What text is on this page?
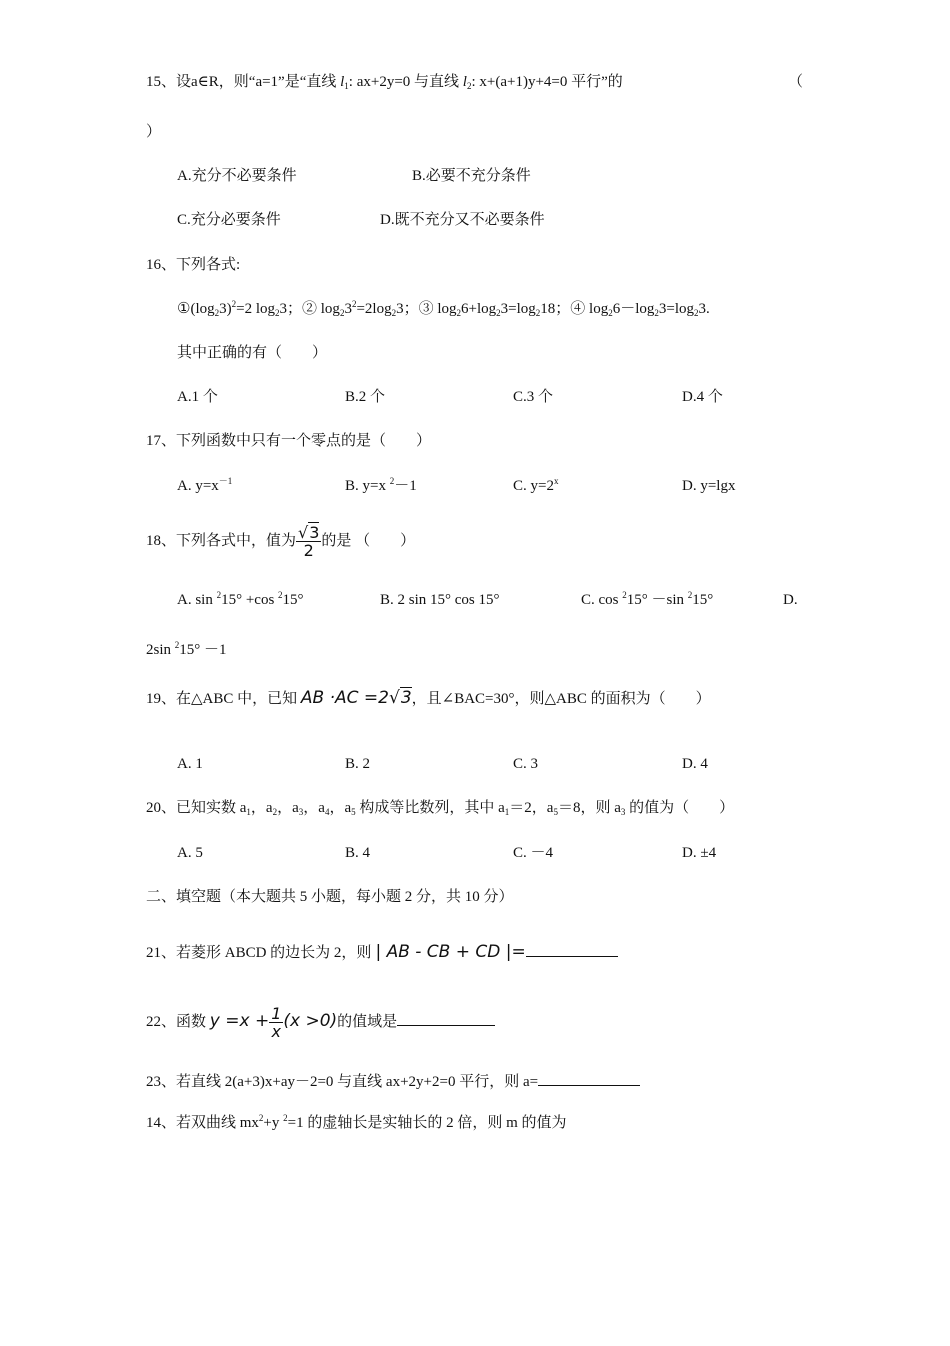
15、设a∈R，则“a=1”是“直线 $l_1$: ax+2y=0 与直线 $l_2$: x+(a+1)y+4=0 平行”的	（
）
A.充分不必要条件	B.必要不充分条件
C.充分必要条件	D.既不充分又不必要条件
16、下列各式:
$①(\log_23)^2=2$ $\log_23$；② $\log_23^2=2\log_23$；③ $\log_26+\log_23=\log_218$；④ $\log_26-\log_23=\log_23$.
其中正确的有（　　）
A.1 个	B.2 个	C.3 个	D.4 个
17、下列函数中只有一个零点的是（　　）
A. $y=x^{-1}$	B. y=x $^2$－1	C. $y=2^x$	D. y=lgx
18、下列各式中，值为 $\frac{√3}{2}$ 的是 （　　）
A. sin $^2$15° +cos $^2$15°	B. 2 sin 15° cos 15°	C. cos $^2$15° －sin $^2$15°	D.
2sin $^2$15° －1
19、在△ABC 中，已知 AB ·AC =2√3，且∠BAC=30°，则△ABC 的面积为（　　）
A. 1	B. 2	C. 3	D. 4
20、已知实数 $a_1$，$a_2$，$a_3$，$a_4$，$a_5$ 构成等比数列，其中 $a_1=2$，$a_5=8$，则 $a_3$ 的值为（　　）
A. 5	B. 4	C. －4	D. ±4
二、填空题（本大题共 5 小题，每小题 2 分，共 10 分）
21、若菱形 ABCD 的边长为 2，则 | AB - CB + CD |=
22、函数 $y =x + \frac{1}{x} (x >0)$的值域是
23、若直线 2(a+3)x+ay－2=0 与直线 ax+2y+2=0 平行，则 a=
14、若双曲线 $mx^2+y$ $^2$=1 的虚轴长是实轴长的 2 倍，则 m 的值为
